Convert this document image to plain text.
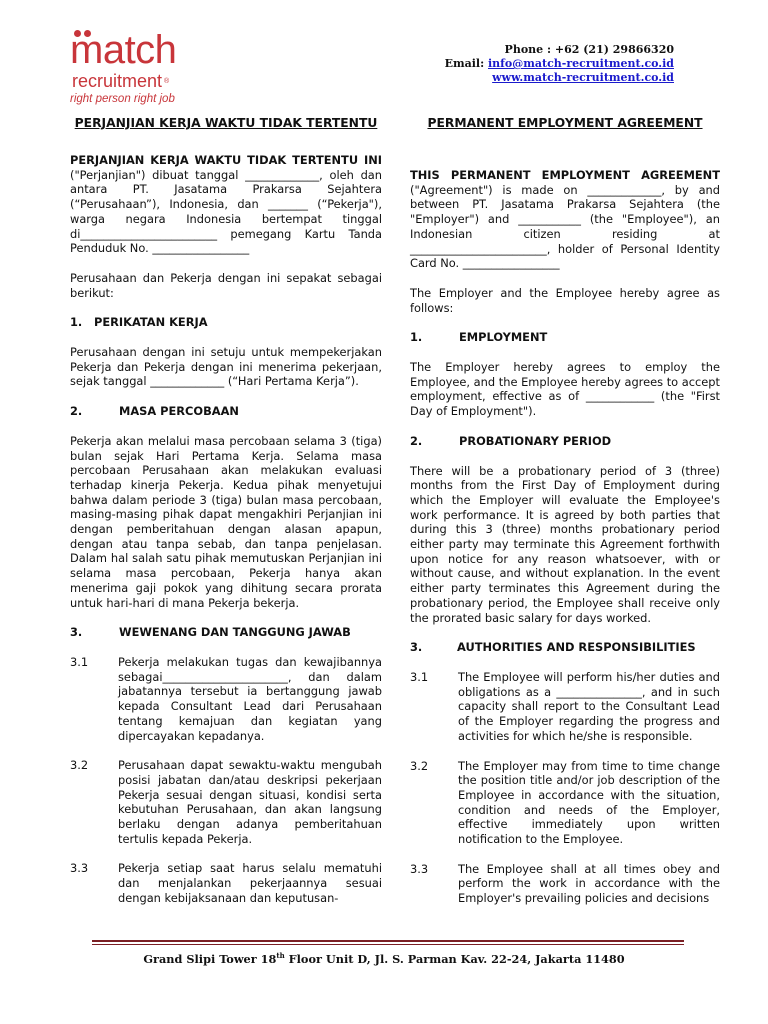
match
recruitment ®
right person right job
Phone : +62 (21) 29866320
Email: info@match-recruitment.co.id
www.match-recruitment.co.id

PERJANJIAN KERJA WAKTU TIDAK TERTENTU

PERJANJIAN KERJA WAKTU TIDAK TERTENTU INI ("Perjanjian") dibuat tanggal _____________, oleh dan antara PT. Jasatama Prakarsa Sejahtera (“Perusahaan”), Indonesia, dan _______ (“Pekerja"), warga negara Indonesia bertempat tinggal di________________________ pemegang Kartu Tanda Penduduk No. _________________

Perusahaan dan Pekerja dengan ini sepakat sebagai berikut:

1.	PERIKATAN KERJA

Perusahaan dengan ini setuju untuk mempekerjakan Pekerja dan Pekerja dengan ini menerima pekerjaan, sejak tanggal _____________ (“Hari Pertama Kerja”).

2.	MASA PERCOBAAN

Pekerja akan melalui masa percobaan selama 3 (tiga) bulan sejak Hari Pertama Kerja. Selama masa percobaan Perusahaan akan melakukan evaluasi terhadap kinerja Pekerja. Kedua pihak menyetujui bahwa dalam periode 3 (tiga) bulan masa percobaan, masing-masing pihak dapat mengakhiri Perjanjian ini dengan pemberitahuan dengan alasan apapun, dengan atau tanpa sebab, dan tanpa penjelasan. Dalam hal salah satu pihak memutuskan Perjanjian ini selama masa percobaan, Pekerja hanya akan menerima gaji pokok yang dihitung secara prorata untuk hari-hari di mana Pekerja bekerja.

3.	WEWENANG DAN TANGGUNG JAWAB

3.1	Pekerja melakukan tugas dan kewajibannya sebagai______________________, dan dalam jabatannya tersebut ia bertanggung jawab kepada Consultant Lead dari Perusahaan tentang kemajuan dan kegiatan yang dipercayakan kepadanya.
3.2	Perusahaan dapat sewaktu-waktu mengubah posisi jabatan dan/atau deskripsi pekerjaan Pekerja sesuai dengan situasi, kondisi serta kebutuhan Perusahaan, dan akan langsung berlaku dengan adanya pemberitahuan tertulis kepada Pekerja.
3.3	Pekerja setiap saat harus selalu mematuhi dan menjalankan pekerjaannya sesuai dengan kebijaksanaan dan keputusan-

PERMANENT EMPLOYMENT AGREEMENT

THIS PERMANENT EMPLOYMENT AGREEMENT ("Agreement") is made on _____________, by and between PT. Jasatama Prakarsa Sejahtera (the "Employer") and ___________ (the "Employee"), an Indonesian citizen residing at ________________________, holder of Personal Identity Card No. _________________

The Employer and the Employee hereby agree as follows:

1.	EMPLOYMENT

The Employer hereby agrees to employ the Employee, and the Employee hereby agrees to accept employment, effective as of ____________ (the "First Day of Employment").

2.	PROBATIONARY PERIOD

There will be a probationary period of 3 (three) months from the First Day of Employment during which the Employer will evaluate the Employee's work performance. It is agreed by both parties that during this 3 (three) months probationary period either party may terminate this Agreement forthwith upon notice for any reason whatsoever, with or without cause, and without explanation. In the event either party terminates this Agreement during the probationary period, the Employee shall receive only the prorated basic salary for days worked.

3.	AUTHORITIES AND RESPONSIBILITIES

3.1	The Employee will perform his/her duties and obligations as a _______________, and in such capacity shall report to the Consultant Lead of the Employer regarding the progress and activities for which he/she is responsible.
3.2	The Employer may from time to time change the position title and/or job description of the Employee in accordance with the situation, condition and needs of the Employer, effective immediately upon written notification to the Employee.
3.3	The Employee shall at all times obey and perform the work in accordance with the Employer's prevailing policies and decisions
Grand Slipi Tower 18th Floor Unit D, Jl. S. Parman Kav. 22-24, Jakarta 11480
